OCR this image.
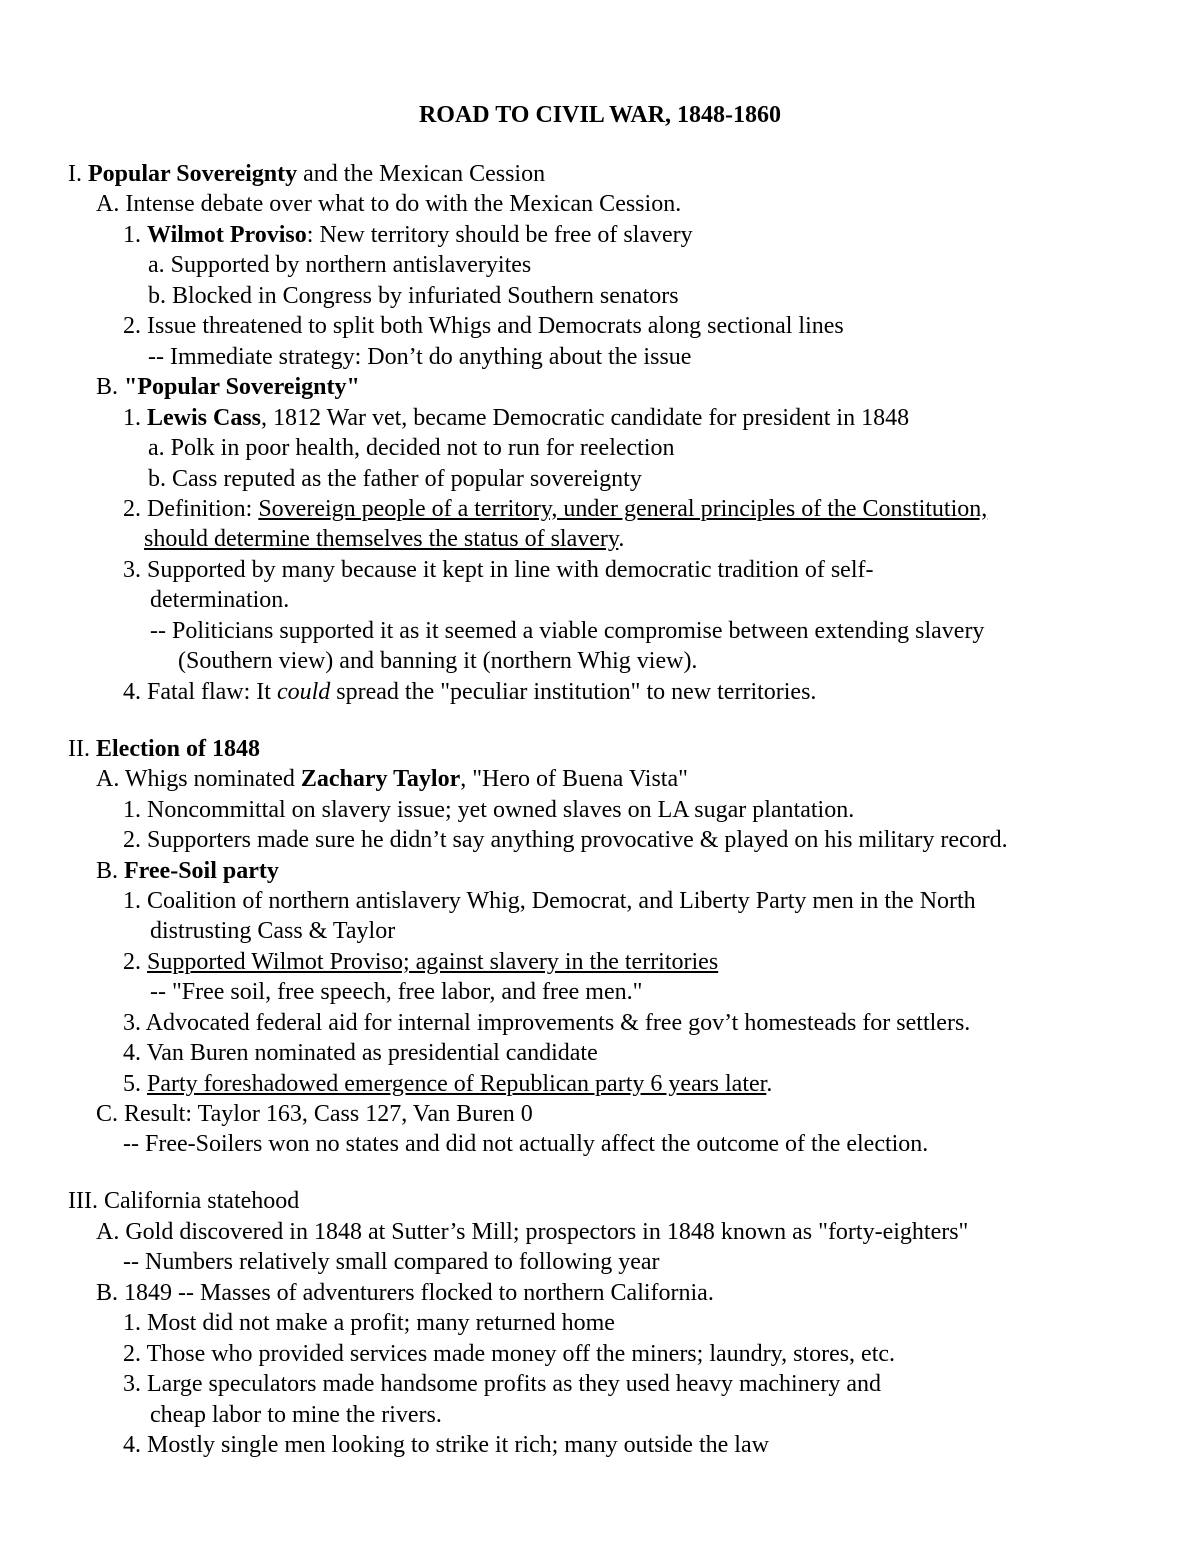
ROAD TO CIVIL WAR, 1848-1860
I. Popular Sovereignty and the Mexican Cession
A. Intense debate over what to do with the Mexican Cession.
1. Wilmot Proviso: New territory should be free of slavery
a. Supported by northern antislaveryites
b. Blocked in Congress by infuriated Southern senators
2. Issue threatened to split both Whigs and Democrats along sectional lines
-- Immediate strategy: Don’t do anything about the issue
B. "Popular Sovereignty"
1. Lewis Cass, 1812 War vet, became Democratic candidate for president in 1848
a. Polk in poor health, decided not to run for reelection
b. Cass reputed as the father of popular sovereignty
2. Definition: Sovereign people of a territory, under general principles of the Constitution,
should determine themselves the status of slavery.
3. Supported by many because it kept in line with democratic tradition of self-
determination.
-- Politicians supported it as it seemed a viable compromise between extending slavery
(Southern view) and banning it (northern Whig view).
4. Fatal flaw: It could spread the "peculiar institution" to new territories.
II. Election of 1848
A. Whigs nominated Zachary Taylor, "Hero of Buena Vista"
1. Noncommittal on slavery issue; yet owned slaves on LA sugar plantation.
2. Supporters made sure he didn’t say anything provocative & played on his military record.
B. Free-Soil party
1. Coalition of northern antislavery Whig, Democrat, and Liberty Party men in the North
distrusting Cass & Taylor
2. Supported Wilmot Proviso; against slavery in the territories
-- "Free soil, free speech, free labor, and free men."
3. Advocated federal aid for internal improvements & free gov’t homesteads for settlers.
4. Van Buren nominated as presidential candidate
5. Party foreshadowed emergence of Republican party 6 years later.
C. Result: Taylor 163, Cass 127, Van Buren 0
-- Free-Soilers won no states and did not actually affect the outcome of the election.
III. California statehood
A. Gold discovered in 1848 at Sutter’s Mill; prospectors in 1848 known as "forty-eighters"
-- Numbers relatively small compared to following year
B. 1849 -- Masses of adventurers flocked to northern California.
1. Most did not make a profit; many returned home
2. Those who provided services made money off the miners; laundry, stores, etc.
3. Large speculators made handsome profits as they used heavy machinery and
cheap labor to mine the rivers.
4. Mostly single men looking to strike it rich; many outside the law
